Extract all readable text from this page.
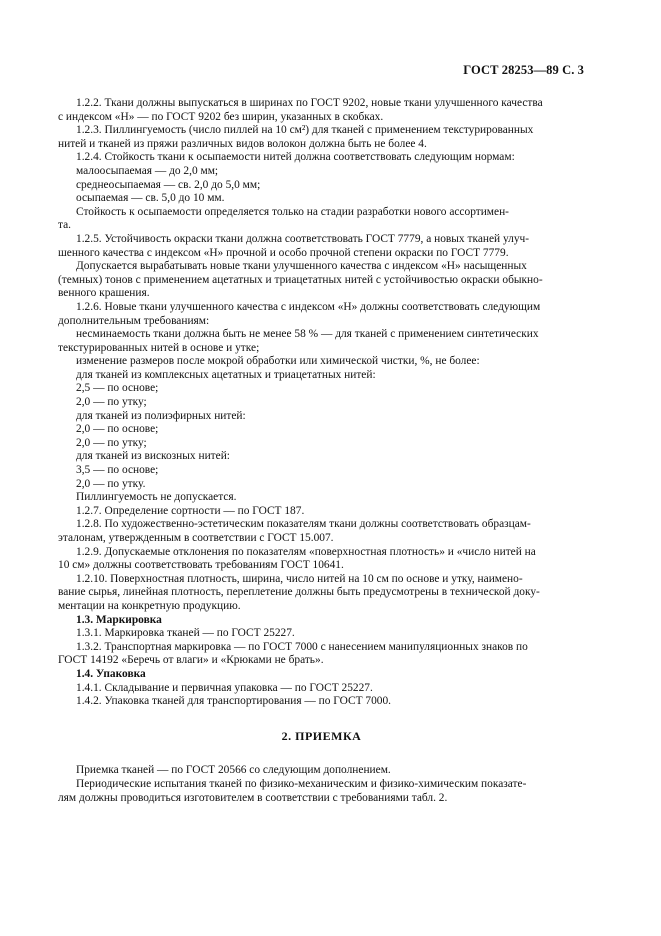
ГОСТ 28253—89 С. 3
1.2.2. Ткани должны выпускаться в ширинах по ГОСТ 9202, новые ткани улучшенного качества
с индексом «Н» — по ГОСТ 9202 без ширин, указанных в скобках.
1.2.3. Пиллингуемость (число пиллей на 10 см²) для тканей с применением текстурированных
нитей и тканей из пряжи различных видов волокон должна быть не более 4.
1.2.4. Стойкость ткани к осыпаемости нитей должна соответствовать следующим нормам:
малоосыпаемая — до 2,0 мм;
среднеосыпаемая — св. 2,0 до 5,0 мм;
осыпаемая — св. 5,0 до 10 мм.
Стойкость к осыпаемости определяется только на стадии разработки нового ассортимен-
та.
1.2.5. Устойчивость окраски ткани должна соответствовать ГОСТ 7779, а новых тканей улуч-
шенного качества с индексом «Н» прочной и особо прочной степени окраски по ГОСТ 7779.
Допускается вырабатывать новые ткани улучшенного качества с индексом «Н» насыщенных
(темных) тонов с применением ацетатных и триацетатных нитей с устойчивостью окраски обыкно-
венного крашения.
1.2.6. Новые ткани улучшенного качества с индексом «Н» должны соответствовать следующим
дополнительным требованиям:
несминаемость ткани должна быть не менее 58 % — для тканей с применением синтетических
текстурированных нитей в основе и утке;
изменение размеров после мокрой обработки или химической чистки, %, не более:
для тканей из комплексных ацетатных и триацетатных нитей:
2,5 — по основе;
2,0 — по утку;
для тканей из полиэфирных нитей:
2,0 — по основе;
2,0 — по утку;
для тканей из вискозных нитей:
3,5 — по основе;
2,0 — по утку.
Пиллингуемость не допускается.
1.2.7. Определение сортности — по ГОСТ 187.
1.2.8. По художественно-эстетическим показателям ткани должны соответствовать образцам-
эталонам, утвержденным в соответствии с ГОСТ 15.007.
1.2.9. Допускаемые отклонения по показателям «поверхностная плотность» и «число нитей на
10 см» должны соответствовать требованиям ГОСТ 10641.
1.2.10. Поверхностная плотность, ширина, число нитей на 10 см по основе и утку, наимено-
вание сырья, линейная плотность, переплетение должны быть предусмотрены в технической доку-
ментации на конкретную продукцию.
1.3. Маркировка
1.3.1. Маркировка тканей — по ГОСТ 25227.
1.3.2. Транспортная маркировка — по ГОСТ 7000 с нанесением манипуляционных знаков по
ГОСТ 14192 «Беречь от влаги» и «Крюками не брать».
1.4. Упаковка
1.4.1. Складывание и первичная упаковка — по ГОСТ 25227.
1.4.2. Упаковка тканей для транспортирования — по ГОСТ 7000.
2. ПРИЕМКА
Приемка тканей — по ГОСТ 20566 со следующим дополнением.
Периодические испытания тканей по физико-механическим и физико-химическим показате-
лям должны проводиться изготовителем в соответствии с требованиями табл. 2.
